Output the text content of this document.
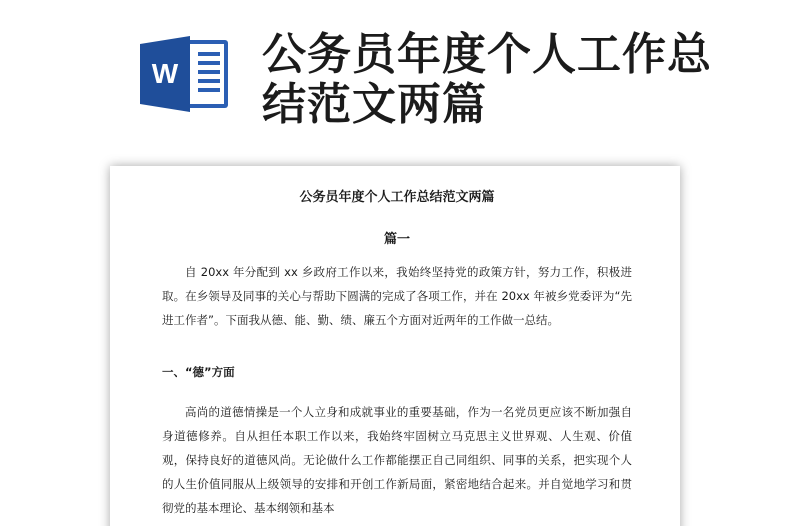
W 公务员年度个人工作总结范文两篇
公务员年度个人工作总结范文两篇
篇一

自 20xx 年分配到 xx 乡政府工作以来，我始终坚持党的政策方针，努力工作，积极进取。在乡领导及同事的关心与帮助下圆满的完成了各项工作，并在 20xx 年被乡党委评为“先进工作者”。下面我从德、能、勤、绩、廉五个方面对近两年的工作做一总结。

一、“德”方面

高尚的道德情操是一个人立身和成就事业的重要基础，作为一名党员更应该不断加强自身道德修养。自从担任本职工作以来，我始终牢固树立马克思主义世界观、人生观、价值观，保持良好的道德风尚。无论做什么工作都能摆正自己同组织、同事的关系，把实现个人的人生价值同服从上级领导的安排和开创工作新局面，紧密地结合起来。并自觉地学习和贯彻党的基本理论、基本纲领和基本
